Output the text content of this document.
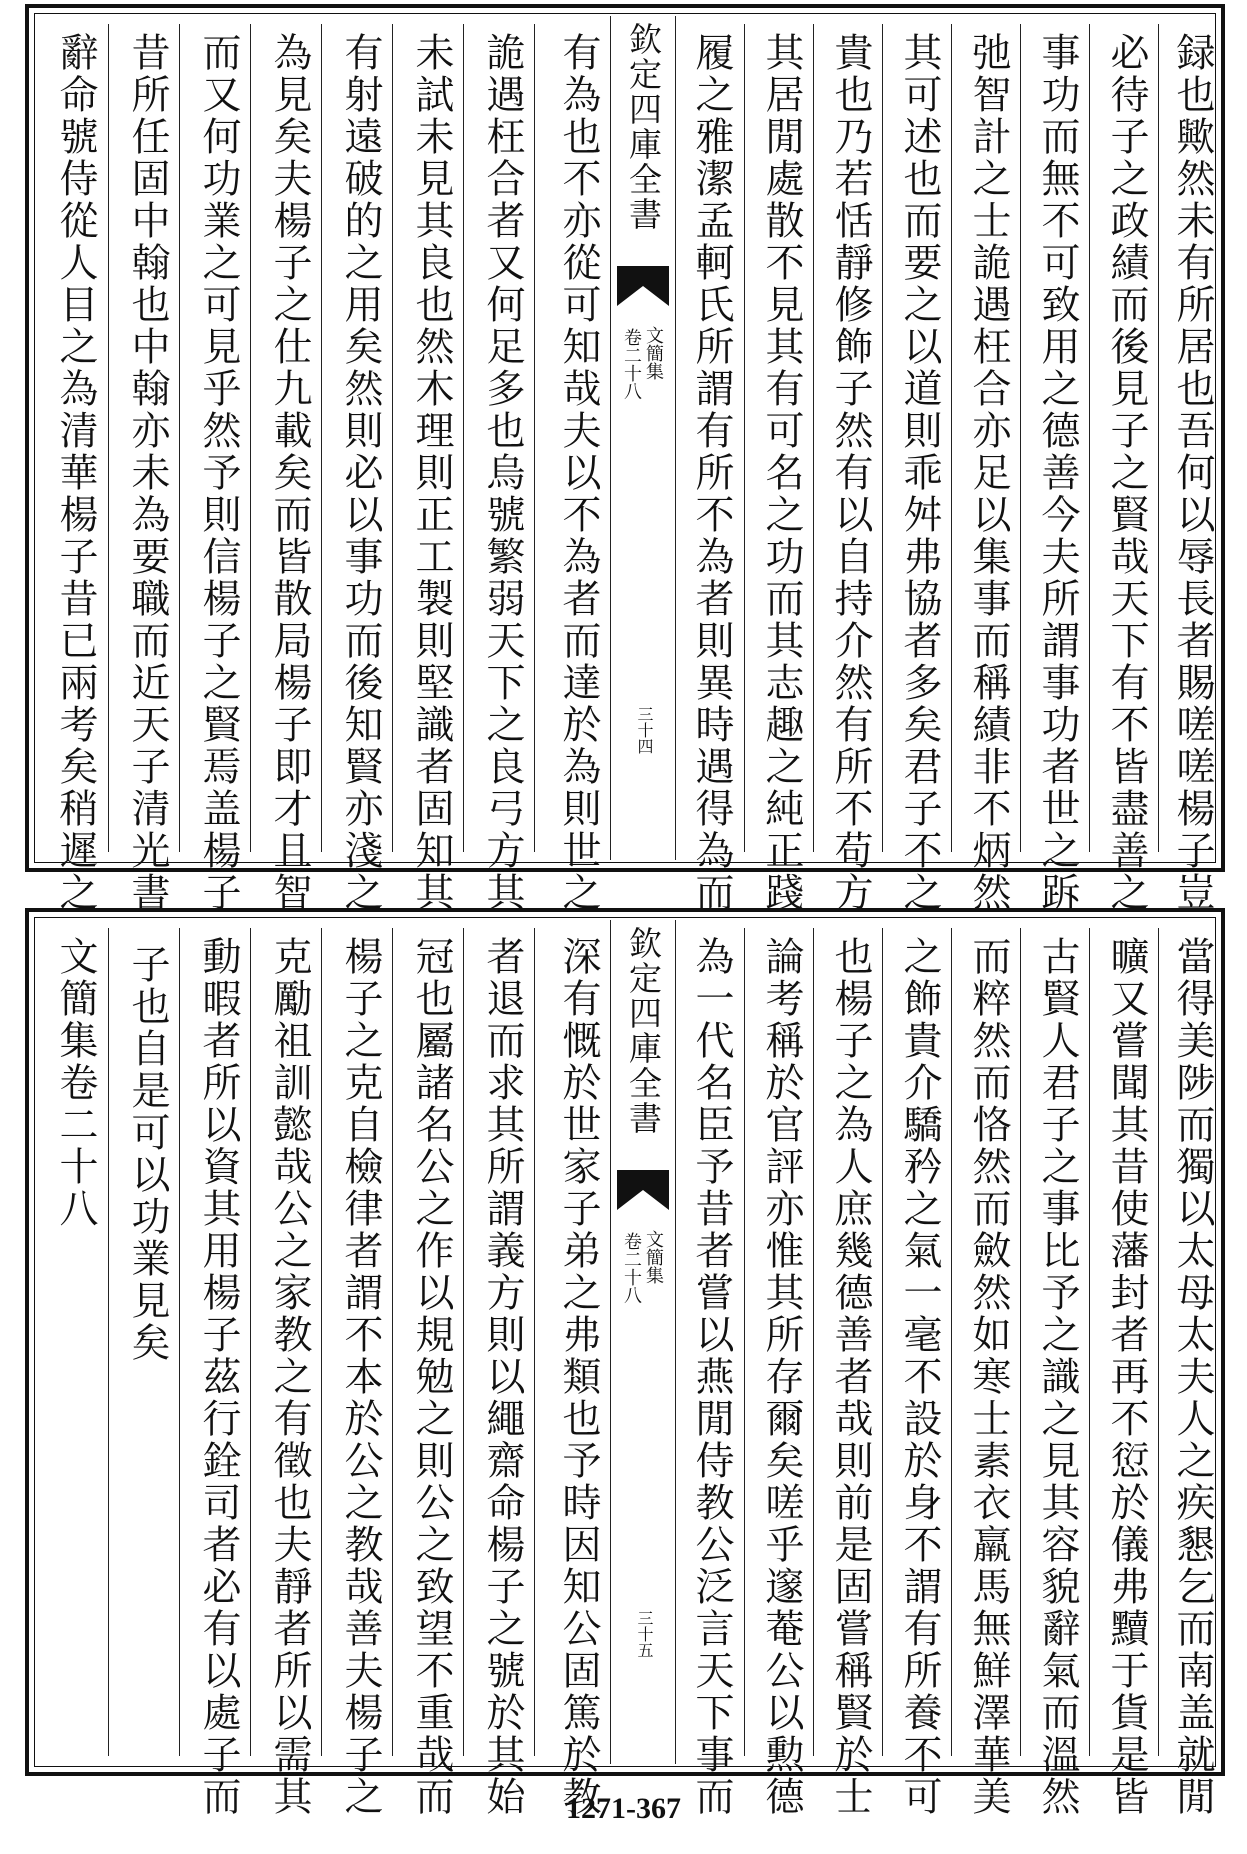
録也歟然未有所居也吾何以辱長者賜嗟嗟楊子豈
必待子之政績而後見子之賢哉天下有不皆盡善之
事功而無不可致用之德善今夫所謂事功者世之跅
弛智計之士詭遇枉合亦足以集事而稱績非不炳然
其可述也而要之以道則乖舛弗協者多矣君子不之
貴也乃若恬靜修飾子然有以自持介然有所不苟方
其居閒處散不見其有可名之功而其志趣之純正踐
履之雅潔孟軻氏所謂有所不為者則異時遇得為而
欽定四庫全書
文簡集
卷二十八
三十四
有為也不亦從可知哉夫以不為者而達於為則世之
詭遇枉合者又何足多也烏號繁弱天下之良弓方其
未試未見其良也然木理則正工製則堅識者固知其
有射遠破的之用矣然則必以事功而後知賢亦淺之
為見矣夫楊子之仕九載矣而皆散局楊子即才且智
而又何功業之可見乎然予則信楊子之賢焉盖楊子
昔所任固中翰也中翰亦未為要職而近天子清光書
辭命號侍從人目之為清華楊子昔已兩考矣稍遲之
當得美陟而獨以太母太夫人之疾懇乞而南盖就閒
曠又嘗聞其昔使藩封者再不愆於儀弗黷于貨是皆
古賢人君子之事比予之識之見其容貌辭氣而溫然
而粹然而恪然而斂然如寒士素衣羸馬無鮮澤華美
之飾貴介驕矜之氣一毫不設於身不謂有所養不可
也楊子之為人庶幾德善者哉則前是固嘗稱賢於士
論考稱於官評亦惟其所存爾矣嗟乎邃菴公以勲德
為一代名臣予昔者嘗以燕閒侍教公泛言天下事而
欽定四庫全書
文簡集
卷二十八
三十五
深有慨於世家子弟之弗類也予時因知公固篤於教
者退而求其所謂義方則以繩齋命楊子之號於其始
冠也屬諸名公之作以規勉之則公之致望不重哉而
楊子之克自檢律者謂不本於公之教哉善夫楊子之
克勵祖訓懿哉公之家教之有徵也夫靜者所以需其
動暇者所以資其用楊子茲行銓司者必有以處子而
子也自是可以功業見矣
文簡集卷二十八
1271-367
